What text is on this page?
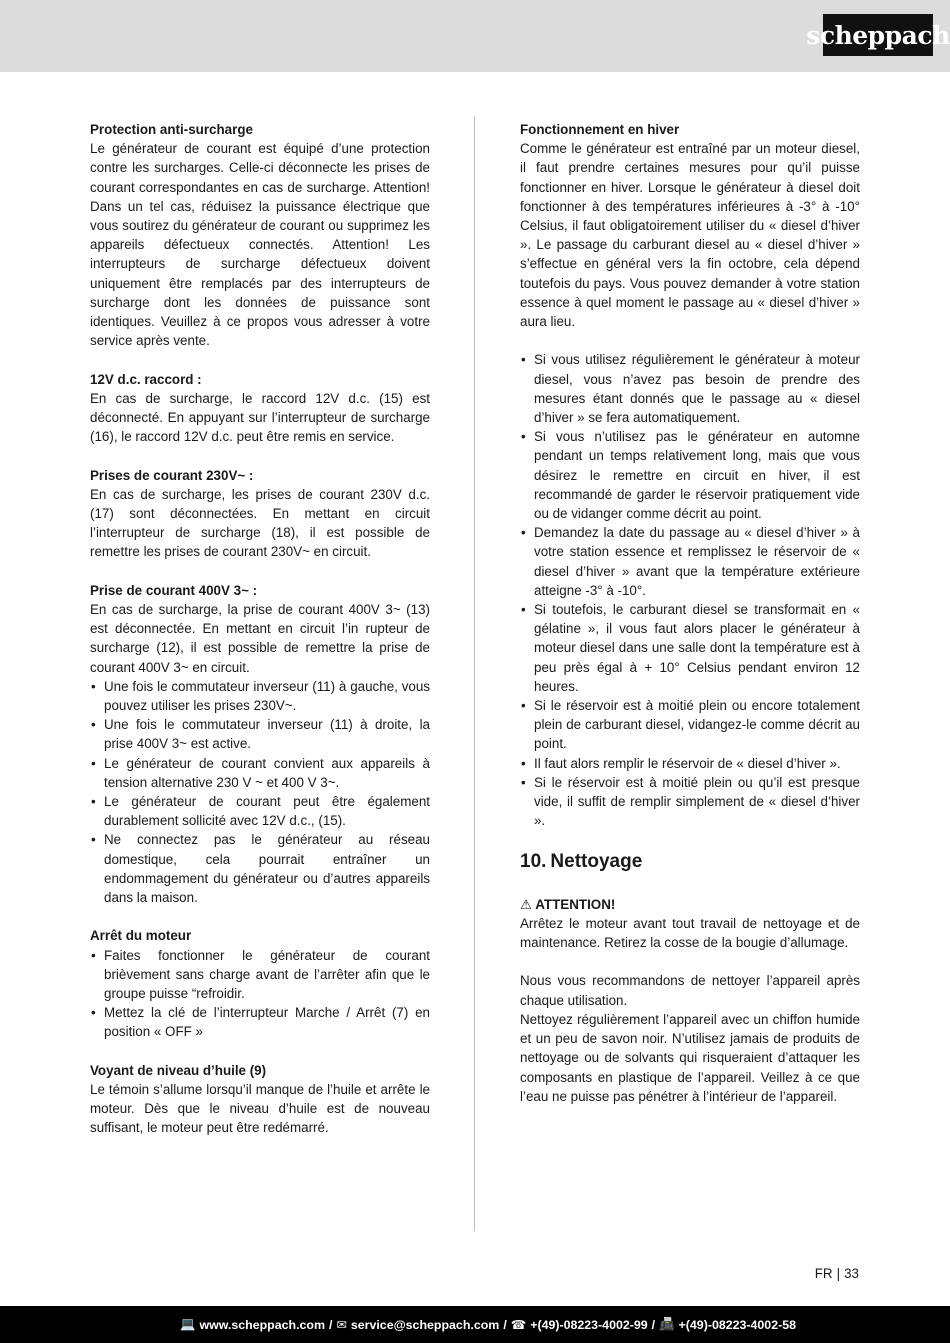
scheppach
Protection anti-surcharge

Le générateur de courant est équipé d’une protection contre les surcharges. Celle-ci déconnecte les prises de courant correspondantes en cas de surcharge. Attention! Dans un tel cas, réduisez la puissance électrique que vous soutirez du générateur de courant ou supprimez les appareils défectueux connectés. Attention! Les interrupteurs de surcharge défectueux doivent uniquement être remplacés par des interrupteurs de surcharge dont les données de puissance sont identiques. Veuillez à ce propos vous adresser à votre service après vente.

12V d.c. raccord :

En cas de surcharge, le raccord 12V d.c. (15) est déconnecté. En appuyant sur l’interrupteur de surcharge (16), le raccord 12V d.c. peut être remis en service.

Prises de courant 230V~ :

En cas de surcharge, les prises de courant 230V d.c. (17) sont déconnectées. En mettant en circuit l’interrupteur de surcharge (18), il est possible de remettre les prises de courant 230V~ en circuit.

Prise de courant 400V 3~ :

En cas de surcharge, la prise de courant 400V 3~ (13) est déconnectée. En mettant en circuit l’in rupteur de surcharge (12), il est possible de remettre la prise de courant 400V 3~ en circuit.

• Une fois le commutateur inverseur (11) à gauche, vous pouvez utiliser les prises 230V~.
• Une fois le commutateur inverseur (11) à droite, la prise 400V 3~ est active.
• Le générateur de courant convient aux appareils à tension alternative 230 V ~ et 400 V 3~.
• Le générateur de courant peut être également durablement sollicité avec 12V d.c., (15).
• Ne connectez pas le générateur au réseau domestique, cela pourrait entraîner un endommagement du générateur ou d’autres appareils dans la maison.
Arrêt du moteur
• Faites fonctionner le générateur de courant brièvement sans charge avant de l’arrêter afin que le groupe puisse “refroidir.
• Mettez la clé de l’interrupteur Marche / Arrêt (7) en position « OFF »
Voyant de niveau d’huile (9)

Le témoin s’allume lorsqu’il manque de l’huile et arrête le moteur. Dès que le niveau d’huile est de nouveau suffisant, le moteur peut être redémarré.

Fonctionnement en hiver

Comme le générateur est entraîné par un moteur diesel, il faut prendre certaines mesures pour qu’il puisse fonctionner en hiver. Lorsque le générateur à diesel doit fonctionner à des températures inférieures à -3° à -10° Celsius, il faut obligatoirement utiliser du « diesel d’hiver ». Le passage du carburant diesel au « diesel d’hiver » s’effectue en général vers la fin octobre, cela dépend toutefois du pays. Vous pouvez demander à votre station essence à quel moment le passage au « diesel d’hiver » aura lieu.

• Si vous utilisez régulièrement le générateur à moteur diesel, vous n’avez pas besoin de prendre des mesures étant donnés que le passage au « diesel d’hiver » se fera automatiquement.
• Si vous n’utilisez pas le générateur en automne pendant un temps relativement long, mais que vous désirez le remettre en circuit en hiver, il est recommandé de garder le réservoir pratiquement vide ou de vidanger comme décrit au point.
• Demandez la date du passage au « diesel d’hiver » à votre station essence et remplissez le réservoir de « diesel d’hiver » avant que la température extérieure atteigne -3° à -10°.
• Si toutefois, le carburant diesel se transformait en « gélatine », il vous faut alors placer le générateur à moteur diesel dans une salle dont la température est à peu près égal à + 10° Celsius pendant environ 12 heures.
• Si le réservoir est à moitié plein ou encore totalement plein de carburant diesel, vidangez-le comme décrit au point.
• Il faut alors remplir le réservoir de « diesel d’hiver ».
• Si le réservoir est à moitié plein ou qu’il est presque vide, il suffit de remplir simplement de « diesel d’hiver ».
10. Nettoyage

⚠ ATTENTION!

Arrêtez le moteur avant tout travail de nettoyage et de maintenance. Retirez la cosse de la bougie d’allumage.

Nous vous recommandons de nettoyer l’appareil après chaque utilisation.

Nettoyez régulièrement l’appareil avec un chiffon humide et un peu de savon noir. N’utilisez jamais de produits de nettoyage ou de solvants qui risqueraient d’attaquer les composants en plastique de l’appareil. Veillez à ce que l’eau ne puisse pas pénétrer à l’intérieur de l’appareil.

FR | 33
💻 www.scheppach.com / ✉ service@scheppach.com / ☎ +(49)-08223-4002-99 / 📠 +(49)-08223-4002-58
